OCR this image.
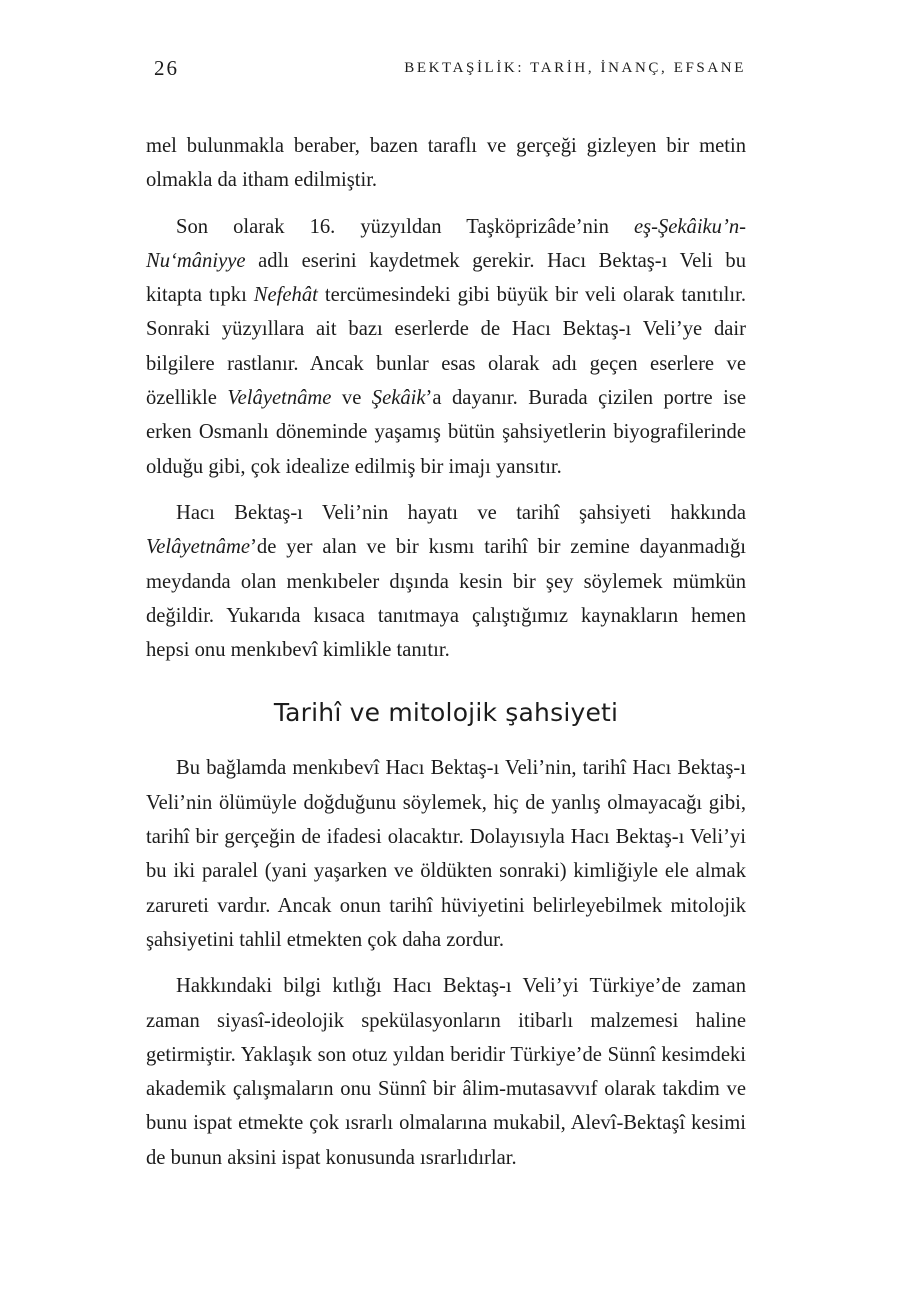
26	BEKTAŞİLİK: TARİH, İNANÇ, EFSANE

mel bulunmakla beraber, bazen taraflı ve gerçeği gizleyen bir metin olmakla da itham edilmiştir.

Son olarak 16. yüzyıldan Taşköprizâde’nin eş-Şekâiku’n-Nu‘mâniyye adlı eserini kaydetmek gerekir. Hacı Bektaş-ı Veli bu kitapta tıpkı Nefehât tercümesindeki gibi büyük bir veli olarak tanıtılır. Sonraki yüzyıllara ait bazı eserlerde de Hacı Bektaş-ı Veli’ye dair bilgilere rastlanır. Ancak bunlar esas olarak adı geçen eserlere ve özellikle Velâyetnâme ve Şekâik’a dayanır. Burada çizilen portre ise erken Osmanlı döneminde yaşamış bütün şahsiyetlerin biyografilerinde olduğu gibi, çok idealize edilmiş bir imajı yansıtır.

Hacı Bektaş-ı Veli’nin hayatı ve tarihî şahsiyeti hakkında Velâyetnâme’de yer alan ve bir kısmı tarihî bir zemine dayanmadığı meydanda olan menkıbeler dışında kesin bir şey söylemek mümkün değildir. Yukarıda kısaca tanıtmaya çalıştığımız kaynakların hemen hepsi onu menkıbevî kimlikle tanıtır.

Tarihî ve mitolojik şahsiyeti

Bu bağlamda menkıbevî Hacı Bektaş-ı Veli’nin, tarihî Hacı Bektaş-ı Veli’nin ölümüyle doğduğunu söylemek, hiç de yanlış olmayacağı gibi, tarihî bir gerçeğin de ifadesi olacaktır. Dolayısıyla Hacı Bektaş-ı Veli’yi bu iki paralel (yani yaşarken ve öldükten sonraki) kimliğiyle ele almak zarureti vardır. Ancak onun tarihî hüviyetini belirleyebilmek mitolojik şahsiyetini tahlil etmekten çok daha zordur.

Hakkındaki bilgi kıtlığı Hacı Bektaş-ı Veli’yi Türkiye’de zaman zaman siyasî-ideolojik spekülasyonların itibarlı malzemesi haline getirmiştir. Yaklaşık son otuz yıldan beridir Türkiye’de Sünnî kesimdeki akademik çalışmaların onu Sünnî bir âlim-mutasavvıf olarak takdim ve bunu ispat etmekte çok ısrarlı olmalarına mukabil, Alevî-Bektaşî kesimi de bunun aksini ispat konusunda ısrarlıdırlar.
